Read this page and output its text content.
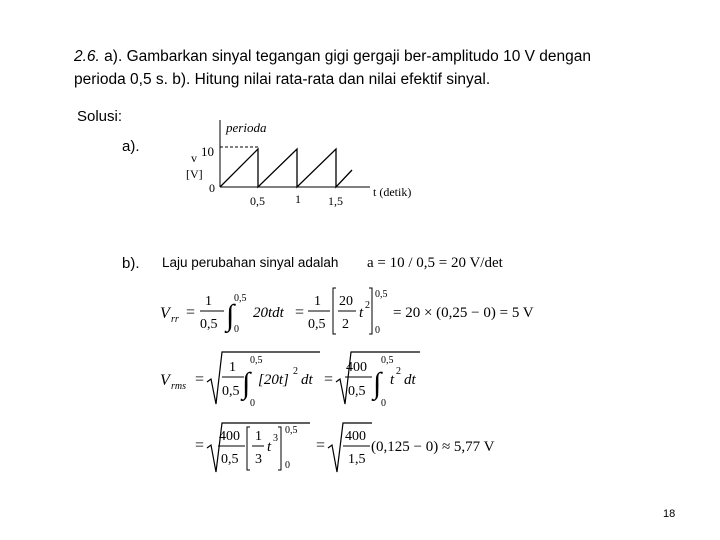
2.6. a). Gambarkan sinyal tegangan gigi gergaji ber-amplitudo 10 V dengan
perioda 0,5 s. b). Hitung nilai rata-rata dan nilai efektif sinyal.
Solusi:
a).
b).
perioda
v 10
[V]
0
0,5	1 1,5
t (detik)
Laju perubahan sinyal adalah a = 10 / 0,5 = 20 V/det
V rr =
1
0,5 ∫
0,5
0
20tdt =
1
0,5
20
2
t 2
0,5
0
= 20 × (0,25 − 0) = 5 V
V rms =
1
0,5 ∫
0,5
0
[20t]
2
dt =
400
0,5 ∫
0,5
0
t
2
dt
=
400
0,5
1
3
t
3
0,5
0
=
400
1,5
(0,125 − 0) ≈ 5,77 V
18
